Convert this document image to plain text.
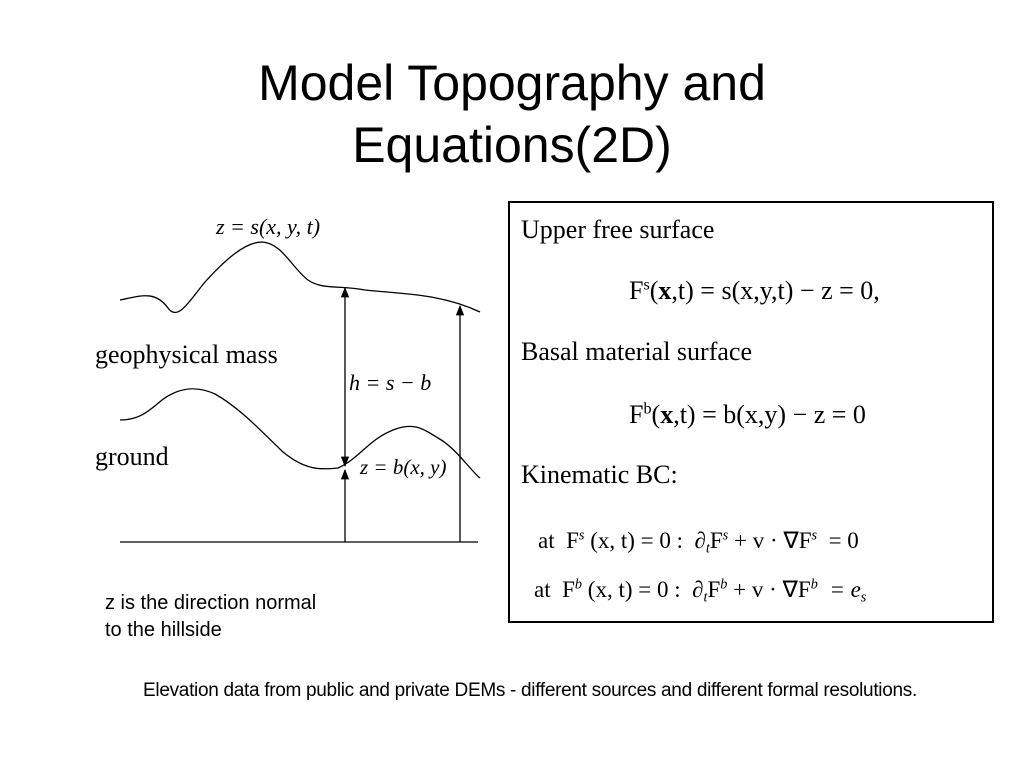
Model Topography and
Equations(2D)
z = s(x, y, t)
geophysical mass
h = s − b
ground	z = b(x, y)
Upper free surface
$F^s(x,t) = s(x,y,t) - z = 0$,
Basal material surface
$F^b(x,t) = b(x,y) - z = 0$
Kinematic BC:
at $F^s$ (x, t) = 0 : $\partial_tF^s + v \cdot \nabla F^s = 0$
at $F^b$ (x, t) = 0 : $\partial_tF^b + v \cdot \nabla F^b = e_s$
z is the direction normal
to the hillside
Elevation data from public and private DEMs - different sources and different formal resolutions.
